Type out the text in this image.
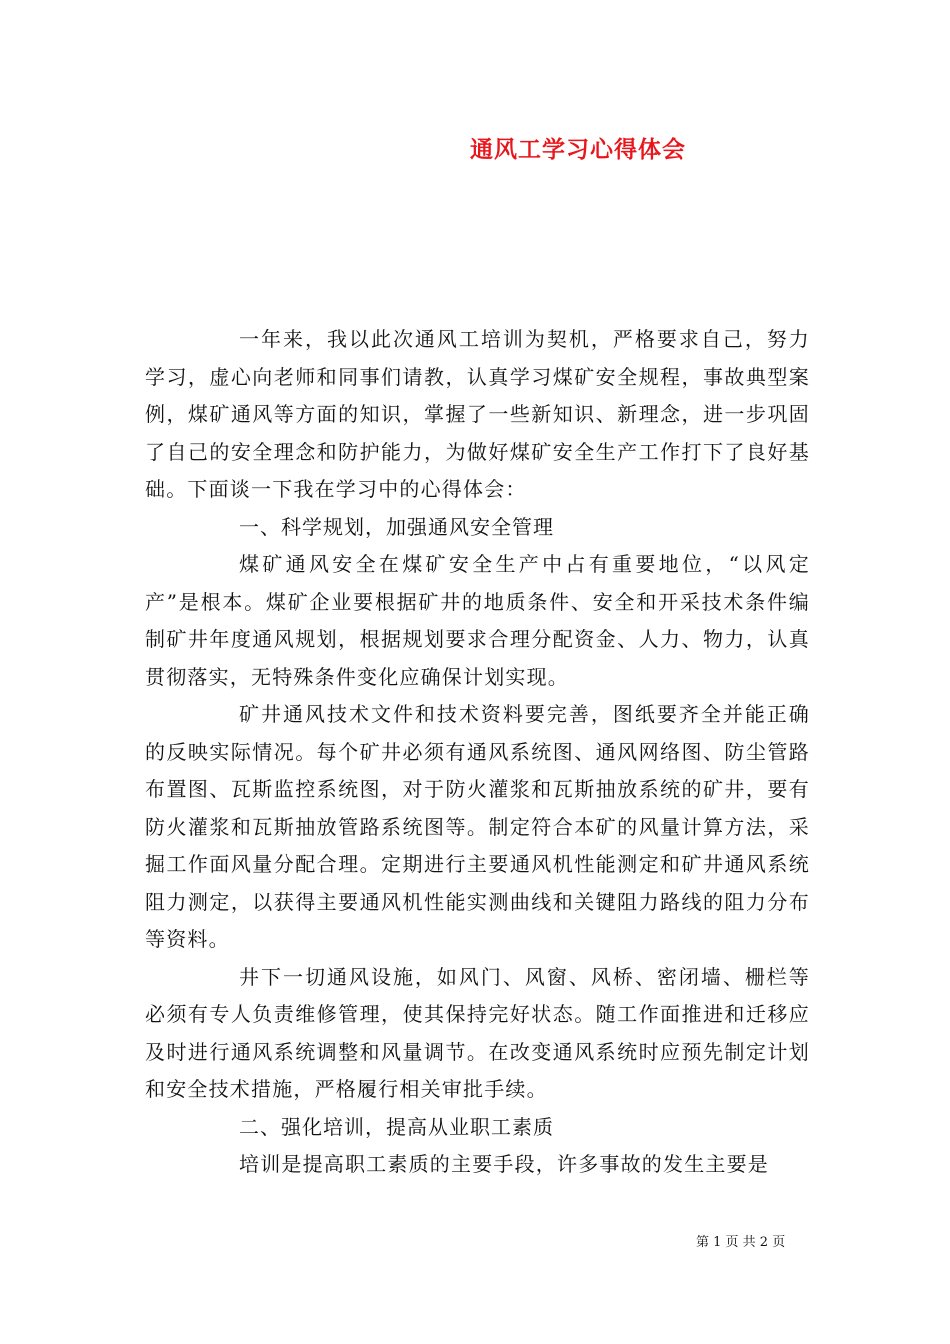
通风工学习心得体会

一年来，我以此次通风工培训为契机，严格要求自己，努力学习，虚心向老师和同事们请教，认真学习煤矿安全规程，事故典型案例，煤矿通风等方面的知识，掌握了一些新知识、新理念，进一步巩固了自己的安全理念和防护能力，为做好煤矿安全生产工作打下了良好基础。下面谈一下我在学习中的心得体会：

一、科学规划，加强通风安全管理

煤矿通风安全在煤矿安全生产中占有重要地位，“以风定产”是根本。煤矿企业要根据矿井的地质条件、安全和开采技术条件编制矿井年度通风规划，根据规划要求合理分配资金、人力、物力，认真贯彻落实，无特殊条件变化应确保计划实现。

矿井通风技术文件和技术资料要完善，图纸要齐全并能正确的反映实际情况。每个矿井必须有通风系统图、通风网络图、防尘管路布置图、瓦斯监控系统图，对于防火灌浆和瓦斯抽放系统的矿井，要有防火灌浆和瓦斯抽放管路系统图等。制定符合本矿的风量计算方法，采掘工作面风量分配合理。定期进行主要通风机性能测定和矿井通风系统阻力测定，以获得主要通风机性能实测曲线和关键阻力路线的阻力分布等资料。

井下一切通风设施，如风门、风窗、风桥、密闭墙、栅栏等必须有专人负责维修管理，使其保持完好状态。随工作面推进和迁移应及时进行通风系统调整和风量调节。在改变通风系统时应预先制定计划和安全技术措施，严格履行相关审批手续。

二、强化培训，提高从业职工素质

培训是提高职工素质的主要手段，许多事故的发生主要是

第 1 页 共 2 页
